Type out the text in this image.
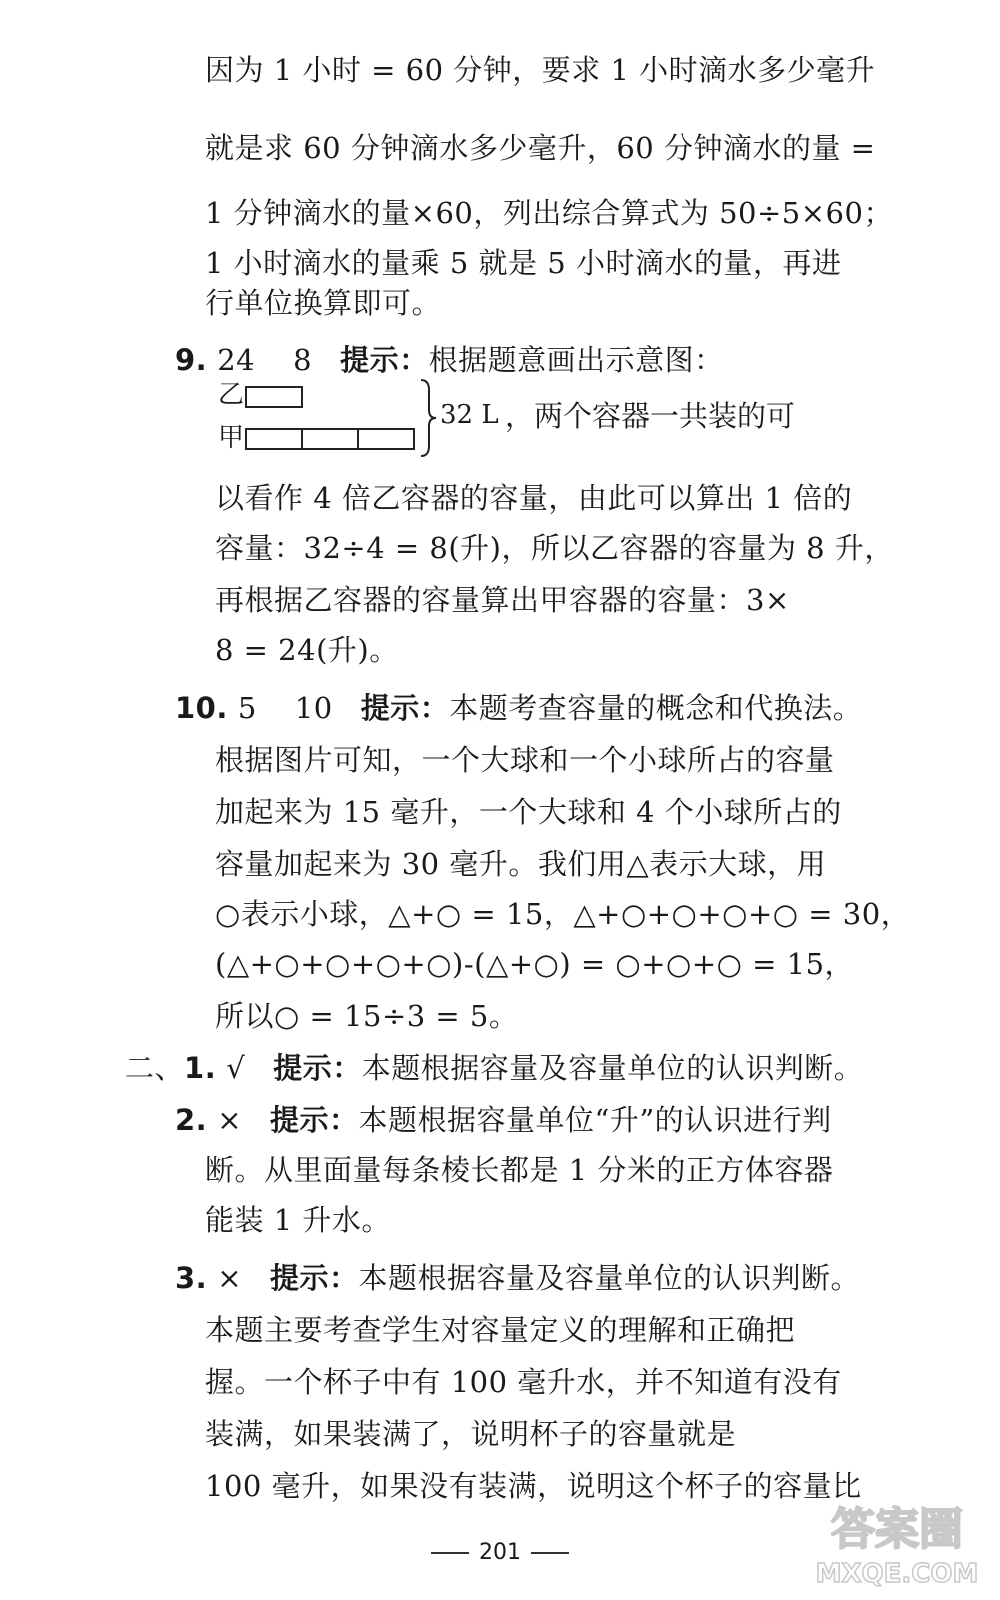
因为 1 小时 = 60 分钟，要求 1 小时滴水多少毫升
就是求 60 分钟滴水多少毫升，60 分钟滴水的量 =
1 分钟滴水的量×60，列出综合算式为 50÷5×60；
1 小时滴水的量乘 5 就是 5 小时滴水的量，再进
行单位换算即可。
9. 24 8 提示：根据题意画出示意图：
乙
甲
32 L ，两个容器一共装的可
以看作 4 倍乙容器的容量，由此可以算出 1 倍的
容量：32÷4 = 8(升)，所以乙容器的容量为 8 升，
再根据乙容器的容量算出甲容器的容量：3×
8 = 24(升)。
10. 5 10 提示：本题考查容量的概念和代换法。
根据图片可知，一个大球和一个小球所占的容量
加起来为 15 毫升，一个大球和 4 个小球所占的
容量加起来为 30 毫升。我们用△表示大球，用
○表示小球，△+○ = 15，△+○+○+○+○ = 30，
(△+○+○+○+○)-(△+○) = ○+○+○ = 15，
所以○ = 15÷3 = 5。
二、1. √ 提示：本题根据容量及容量单位的认识判断。
2. × 提示：本题根据容量单位“升”的认识进行判
断。从里面量每条棱长都是 1 分米的正方体容器
能装 1 升水。
3. × 提示：本题根据容量及容量单位的认识判断。
本题主要考查学生对容量定义的理解和正确把
握。一个杯子中有 100 毫升水，并不知道有没有
装满，如果装满了，说明杯子的容量就是
100 毫升，如果没有装满，说明这个杯子的容量比
201	答案圈
MXQE.COM
